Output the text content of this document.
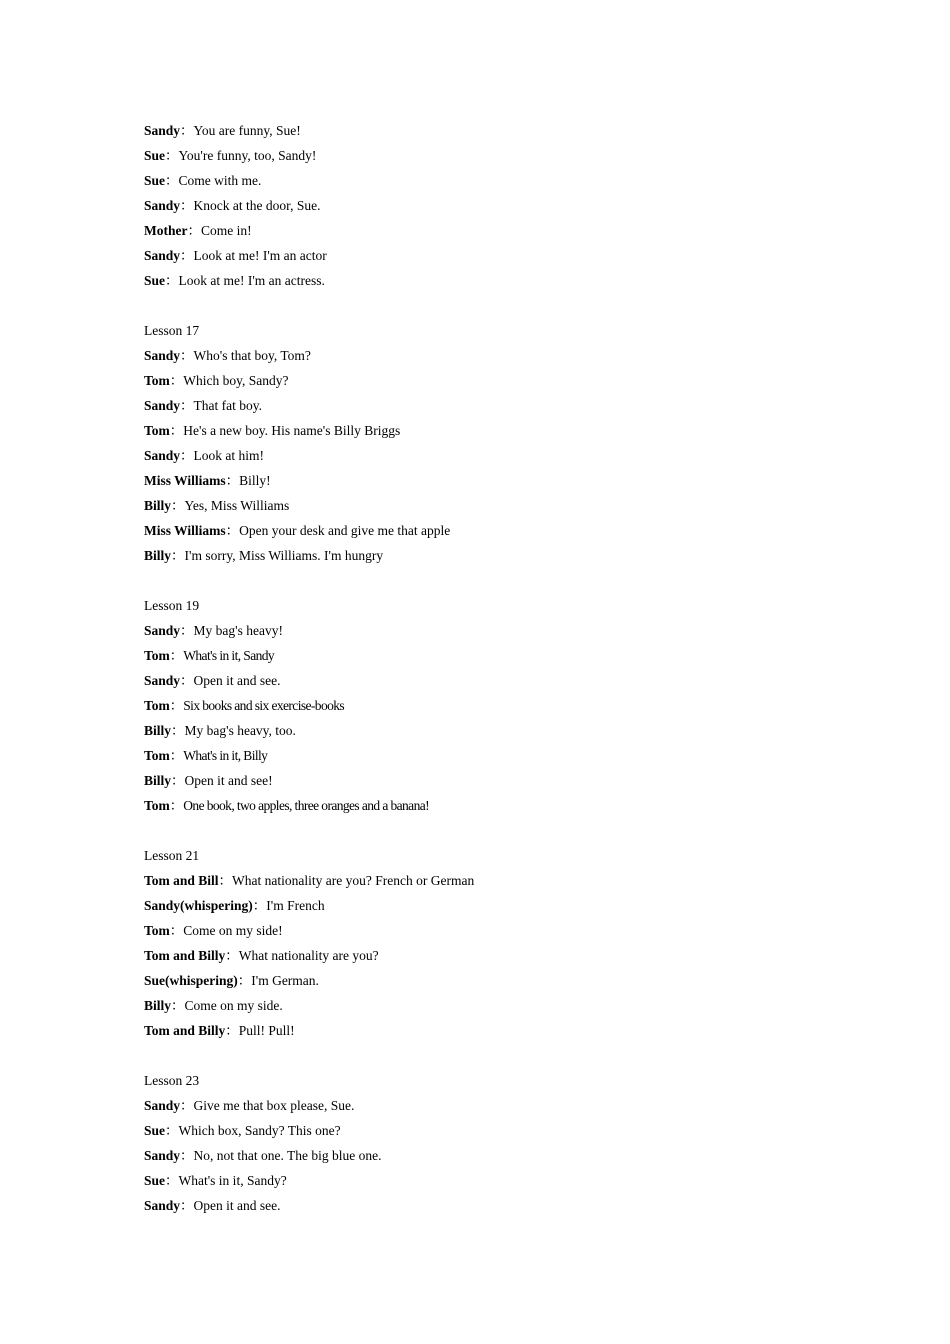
Sandy：You are funny, Sue!
Sue：You're funny, too, Sandy!
Sue：Come with me.
Sandy：Knock at the door, Sue.
Mother：Come in!
Sandy：Look at me! I'm an actor
Sue：Look at me! I'm an actress.
Lesson 17
Sandy：Who's that boy, Tom?
Tom：Which boy, Sandy?
Sandy：That fat boy.
Tom：He's a new boy. His name's Billy Briggs
Sandy：Look at him!
Miss Williams：Billy!
Billy：Yes, Miss Williams
Miss Williams：Open your desk and give me that apple
Billy：I'm sorry, Miss Williams. I'm hungry
Lesson 19
Sandy：My bag's heavy!
Tom：What's in it, Sandy
Sandy：Open it and see.
Tom：Six books and six exercise-books
Billy：My bag's heavy, too.
Tom：What's in it, Billy
Billy：Open it and see!
Tom：One book, two apples, three oranges and a banana!
Lesson 21
Tom and Bill：What nationality are you? French or German
Sandy(whispering)：I'm French
Tom：Come on my side!
Tom and Billy：What nationality are you?
Sue(whispering)：I'm German.
Billy：Come on my side.
Tom and Billy：Pull! Pull!
Lesson 23
Sandy：Give me that box please, Sue.
Sue：Which box, Sandy? This one?
Sandy：No, not that one. The big blue one.
Sue：What's in it, Sandy?
Sandy：Open it and see.
